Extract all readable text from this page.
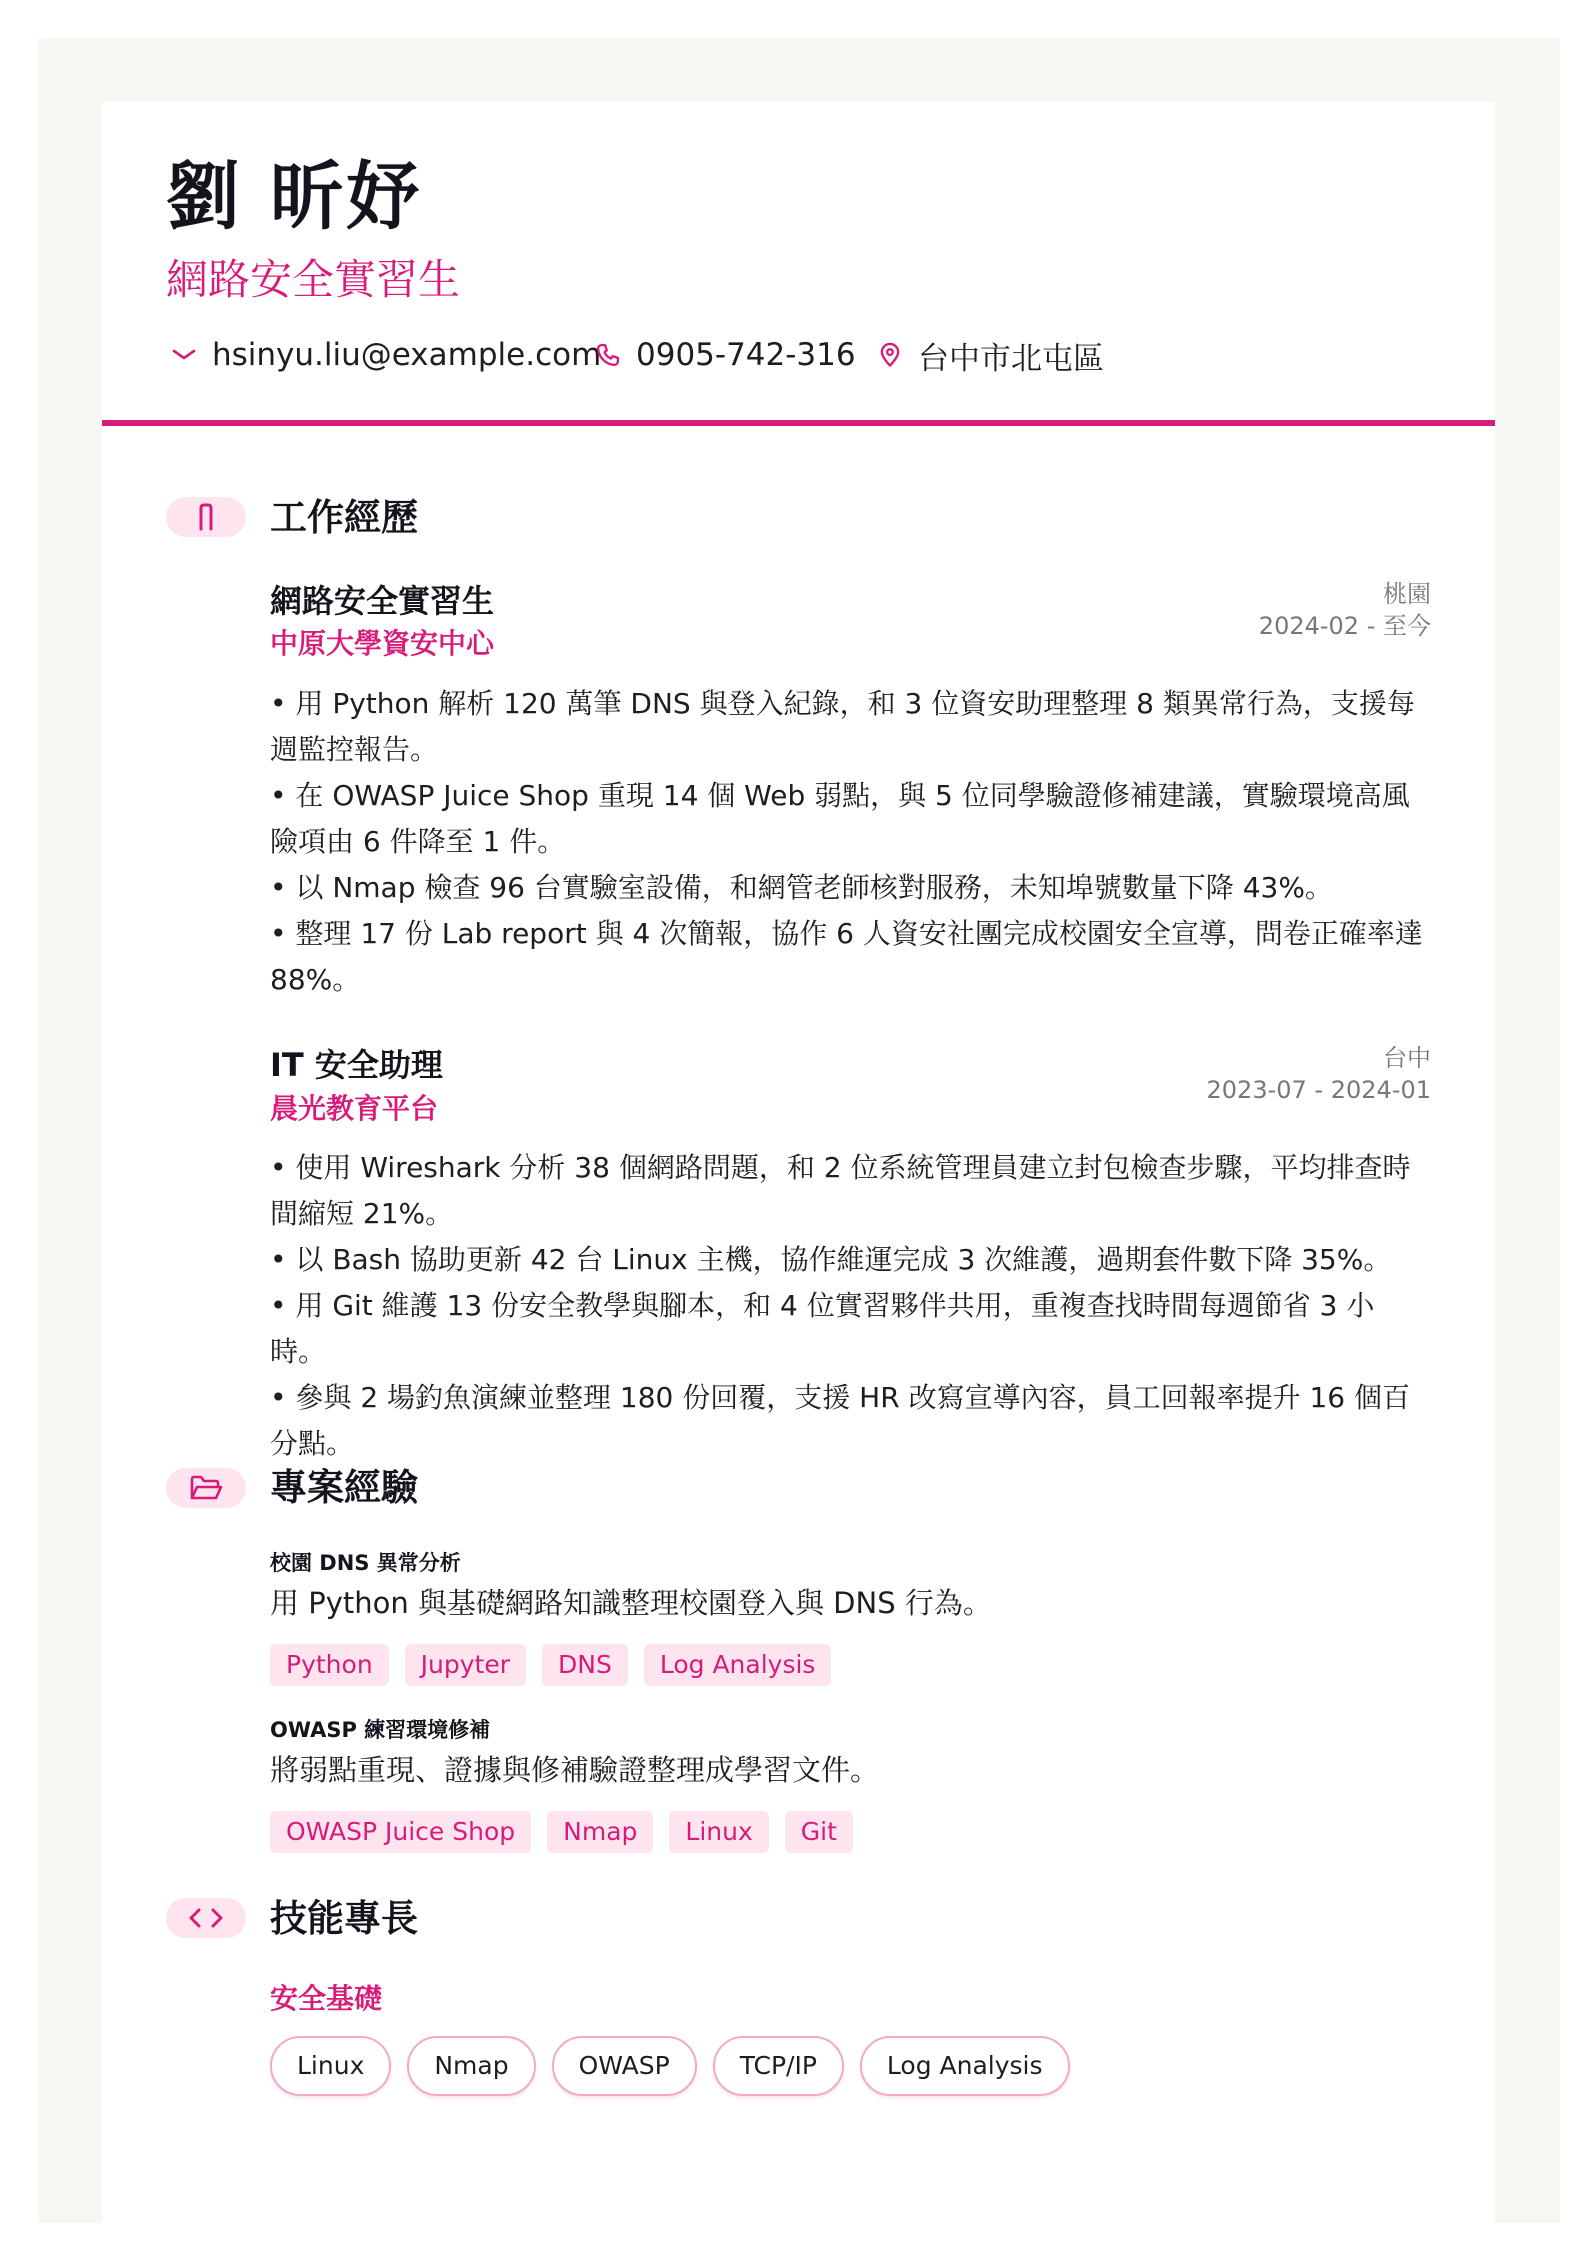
劉 昕妤
網路安全實習生
hsinyu.liu@example.com 0905-742-316 台中市北屯區
工作經歷
網路安全實習生
中原大學資安中心
桃園
2024-02 - 至今
• 用 Python 解析 120 萬筆 DNS 與登入紀錄，和 3 位資安助理整理 8 類異常行為，支援每週監控報告。
• 在 OWASP Juice Shop 重現 14 個 Web 弱點，與 5 位同學驗證修補建議，實驗環境高風險項由 6 件降至 1 件。
• 以 Nmap 檢查 96 台實驗室設備，和網管老師核對服務，未知埠號數量下降 43%。
• 整理 17 份 Lab report 與 4 次簡報，協作 6 人資安社團完成校園安全宣導，問卷正確率達 88%。
IT 安全助理
晨光教育平台
台中
2023-07 - 2024-01
• 使用 Wireshark 分析 38 個網路問題，和 2 位系統管理員建立封包檢查步驟，平均排查時間縮短 21%。
• 以 Bash 協助更新 42 台 Linux 主機，協作維運完成 3 次維護，過期套件數下降 35%。
• 用 Git 維護 13 份安全教學與腳本，和 4 位實習夥伴共用，重複查找時間每週節省 3 小時。
• 參與 2 場釣魚演練並整理 180 份回覆，支援 HR 改寫宣導內容，員工回報率提升 16 個百分點。
專案經驗
校園 DNS 異常分析
用 Python 與基礎網路知識整理校園登入與 DNS 行為。
Python	Jupyter	DNS	Log Analysis
OWASP 練習環境修補
將弱點重現、證據與修補驗證整理成學習文件。
OWASP Juice Shop	Nmap	Linux	Git
技能專長
安全基礎
Linux	Nmap	OWASP	TCP/IP	Log Analysis
